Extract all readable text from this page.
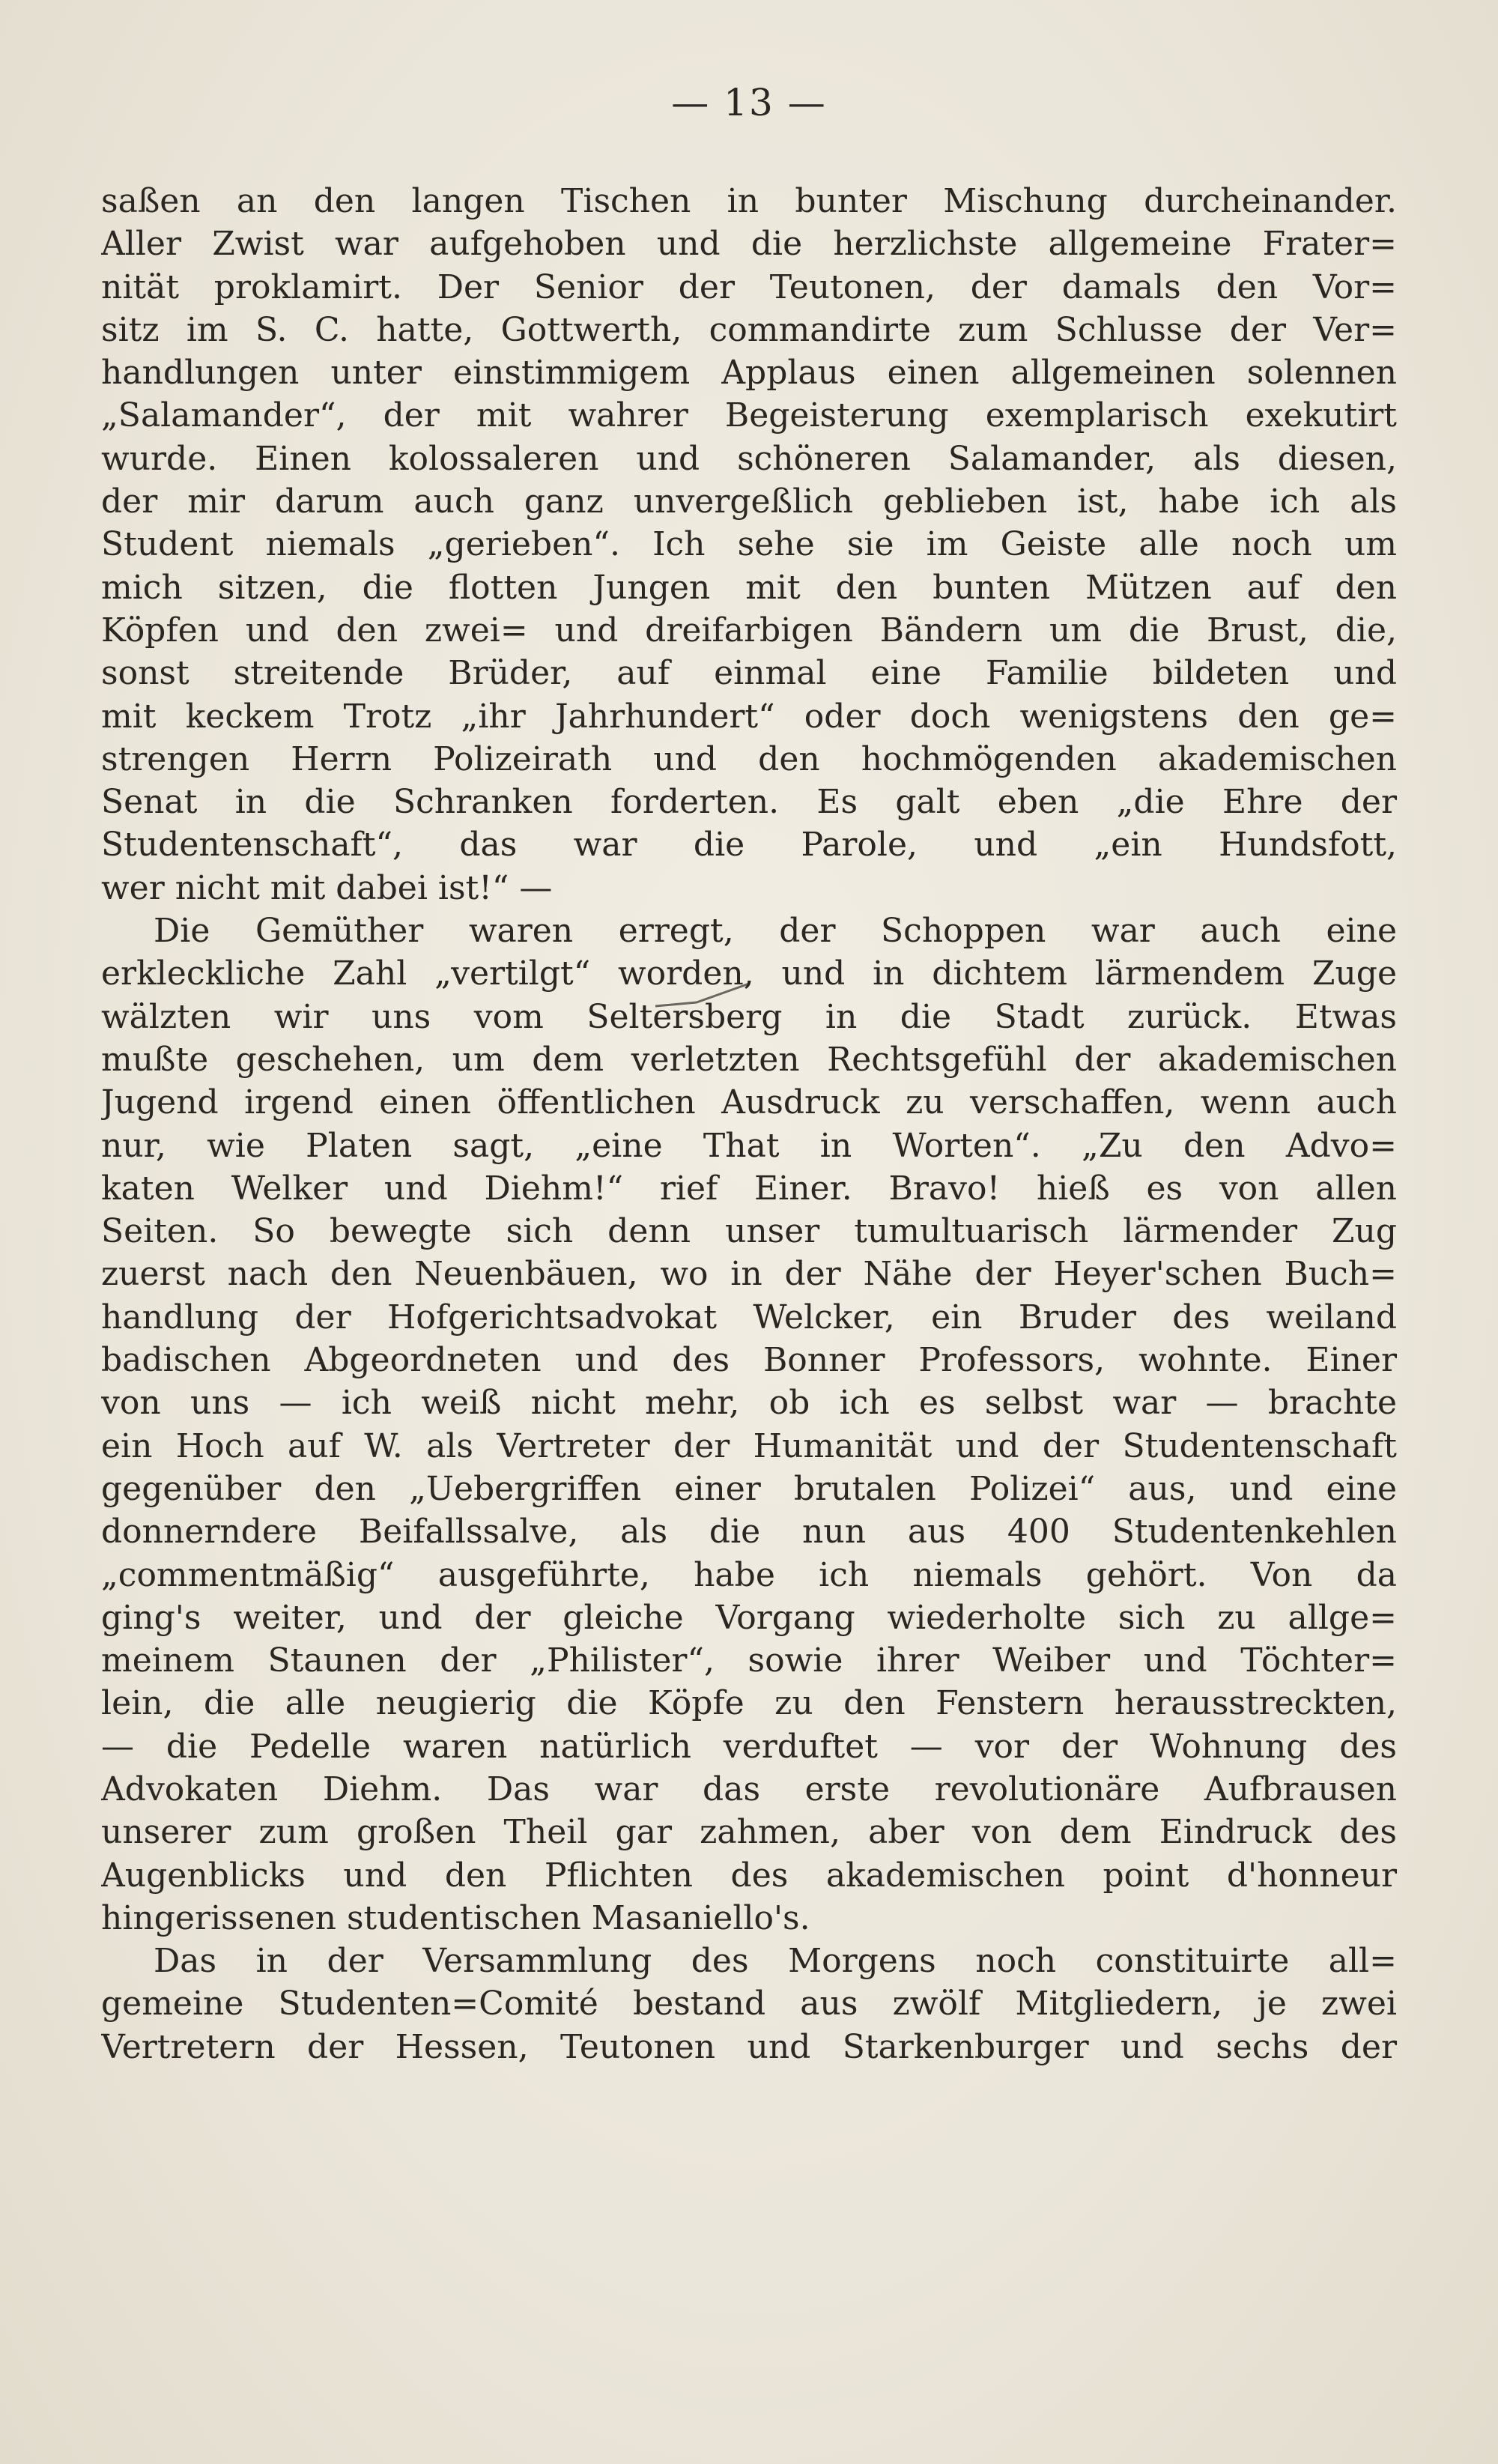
— 13 —
saßen an den langen Tischen in bunter Mischung durcheinander.
Aller Zwist war aufgehoben und die herzlichste allgemeine Frater=
nität proklamirt. Der Senior der Teutonen, der damals den Vor=
sitz im S. C. hatte, Gottwerth, commandirte zum Schlusse der Ver=
handlungen unter einstimmigem Applaus einen allgemeinen solennen
„Salamander“, der mit wahrer Begeisterung exemplarisch exekutirt
wurde. Einen kolossaleren und schöneren Salamander, als diesen,
der mir darum auch ganz unvergeßlich geblieben ist, habe ich als
Student niemals „gerieben“. Ich sehe sie im Geiste alle noch um
mich sitzen, die flotten Jungen mit den bunten Mützen auf den
Köpfen und den zwei= und dreifarbigen Bändern um die Brust, die,
sonst streitende Brüder, auf einmal eine Familie bildeten und
mit keckem Trotz „ihr Jahrhundert“ oder doch wenigstens den ge=
strengen Herrn Polizeirath und den hochmögenden akademischen
Senat in die Schranken forderten. Es galt eben „die Ehre der
Studentenschaft“, das war die Parole, und „ein Hundsfott,
wer nicht mit dabei ist!“ —
Die Gemüther waren erregt, der Schoppen war auch eine
erkleckliche Zahl „vertilgt“ worden, und in dichtem lärmendem Zuge
wälzten wir uns vom Seltersberg in die Stadt zurück. Etwas
mußte geschehen, um dem verletzten Rechtsgefühl der akademischen
Jugend irgend einen öffentlichen Ausdruck zu verschaffen, wenn auch
nur, wie Platen sagt, „eine That in Worten“. „Zu den Advo=
katen Welker und Diehm!“ rief Einer. Bravo! hieß es von allen
Seiten. So bewegte sich denn unser tumultuarisch lärmender Zug
zuerst nach den Neuenbäuen, wo in der Nähe der Heyer'schen Buch=
handlung der Hofgerichtsadvokat Welcker, ein Bruder des weiland
badischen Abgeordneten und des Bonner Professors, wohnte. Einer
von uns — ich weiß nicht mehr, ob ich es selbst war — brachte
ein Hoch auf W. als Vertreter der Humanität und der Studentenschaft
gegenüber den „Uebergriffen einer brutalen Polizei“ aus, und eine
donnerndere Beifallssalve, als die nun aus 400 Studentenkehlen
„commentmäßig“ ausgeführte, habe ich niemals gehört. Von da
ging's weiter, und der gleiche Vorgang wiederholte sich zu allge=
meinem Staunen der „Philister“, sowie ihrer Weiber und Töchter=
lein, die alle neugierig die Köpfe zu den Fenstern herausstreckten,
— die Pedelle waren natürlich verduftet — vor der Wohnung des
Advokaten Diehm. Das war das erste revolutionäre Aufbrausen
unserer zum großen Theil gar zahmen, aber von dem Eindruck des
Augenblicks und den Pflichten des akademischen point d'honneur
hingerissenen studentischen Masaniello's.
Das in der Versammlung des Morgens noch constituirte all=
gemeine Studenten=Comité bestand aus zwölf Mitgliedern, je zwei
Vertretern der Hessen, Teutonen und Starkenburger und sechs der
